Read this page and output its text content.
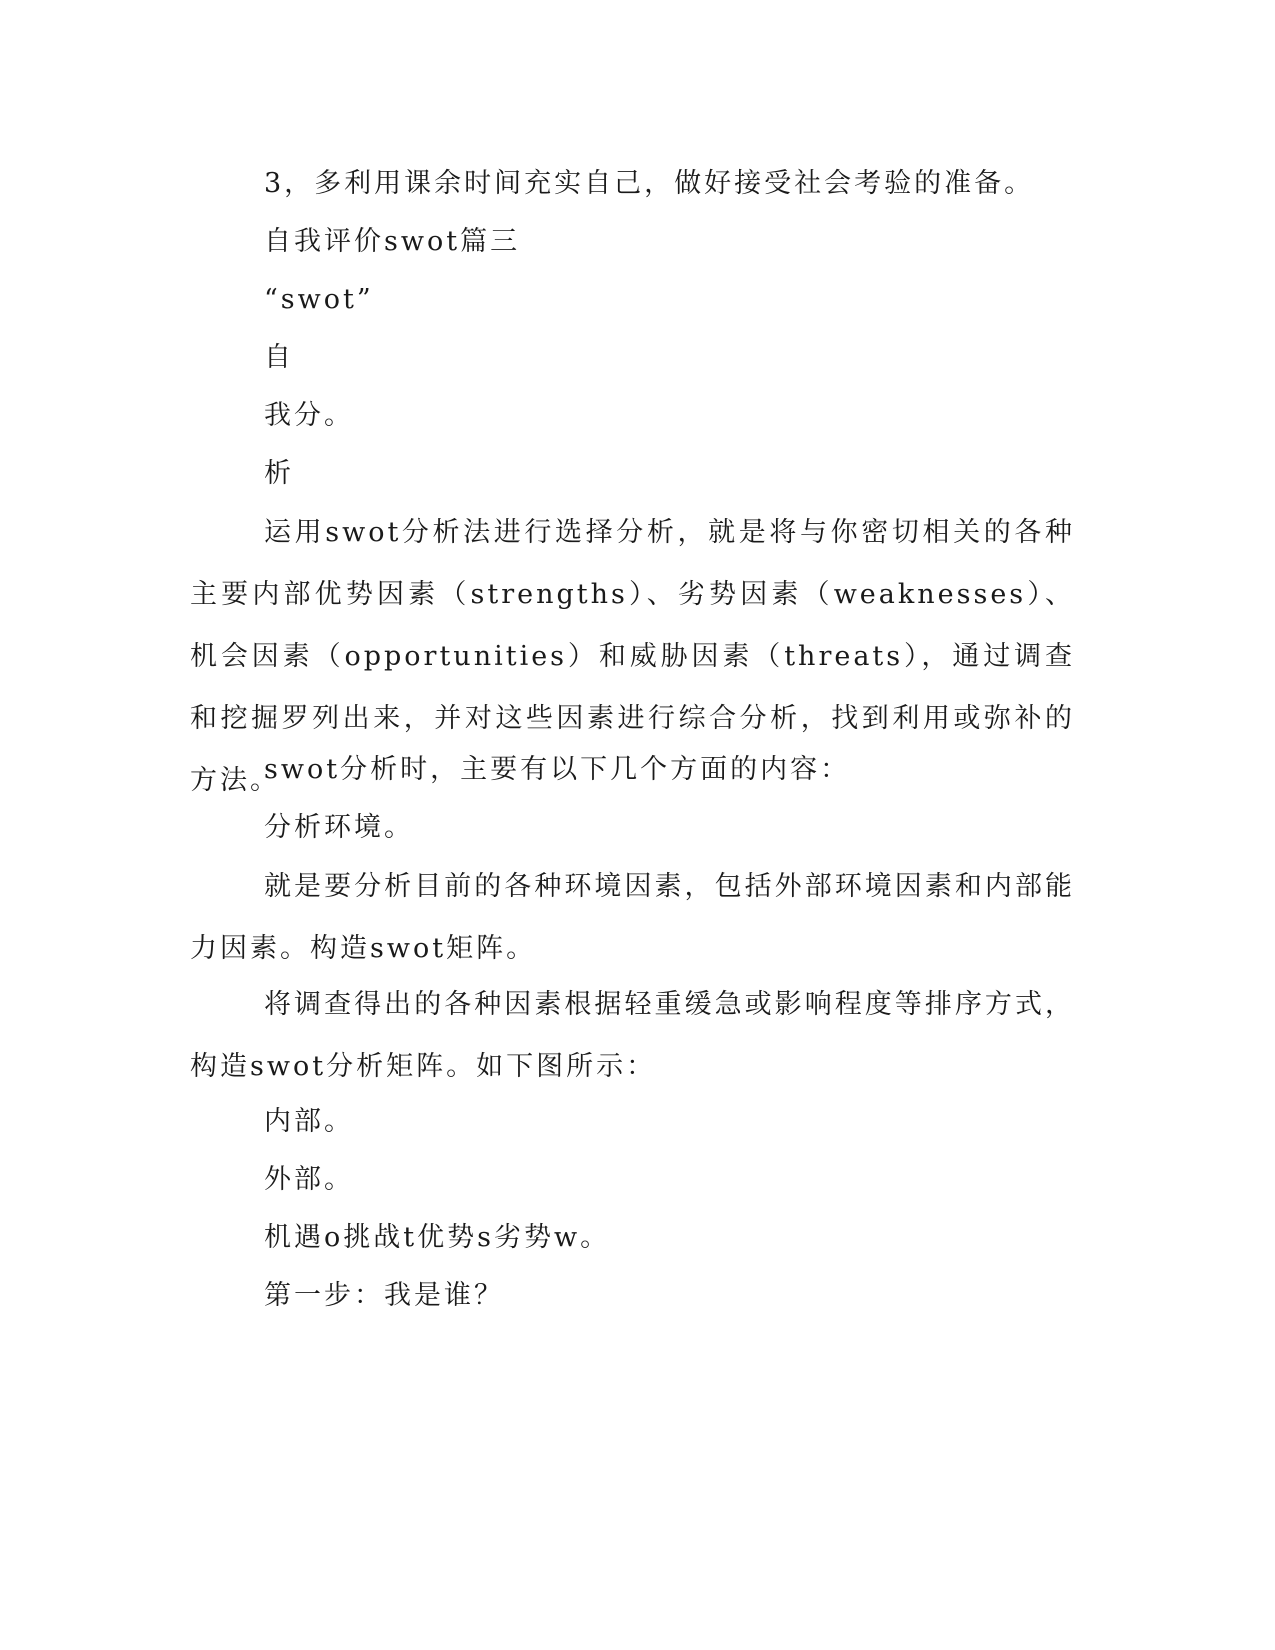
3，多利用课余时间充实自己，做好接受社会考验的准备。
自我评价swot篇三
“swot”
自
我分。
析
运用swot分析法进行选择分析，就是将与你密切相关的各种主要内部优势因素（strengths）、劣势因素（weaknesses）、机会因素（opportunities）和威胁因素（threats），通过调查和挖掘罗列出来，并对这些因素进行综合分析，找到利用或弥补的方法。
swot分析时，主要有以下几个方面的内容：
分析环境。
就是要分析目前的各种环境因素，包括外部环境因素和内部能力因素。构造swot矩阵。
将调查得出的各种因素根据轻重缓急或影响程度等排序方式，构造swot分析矩阵。如下图所示：
内部。
外部。
机遇o挑战t优势s劣势w。
第一步：我是谁？
